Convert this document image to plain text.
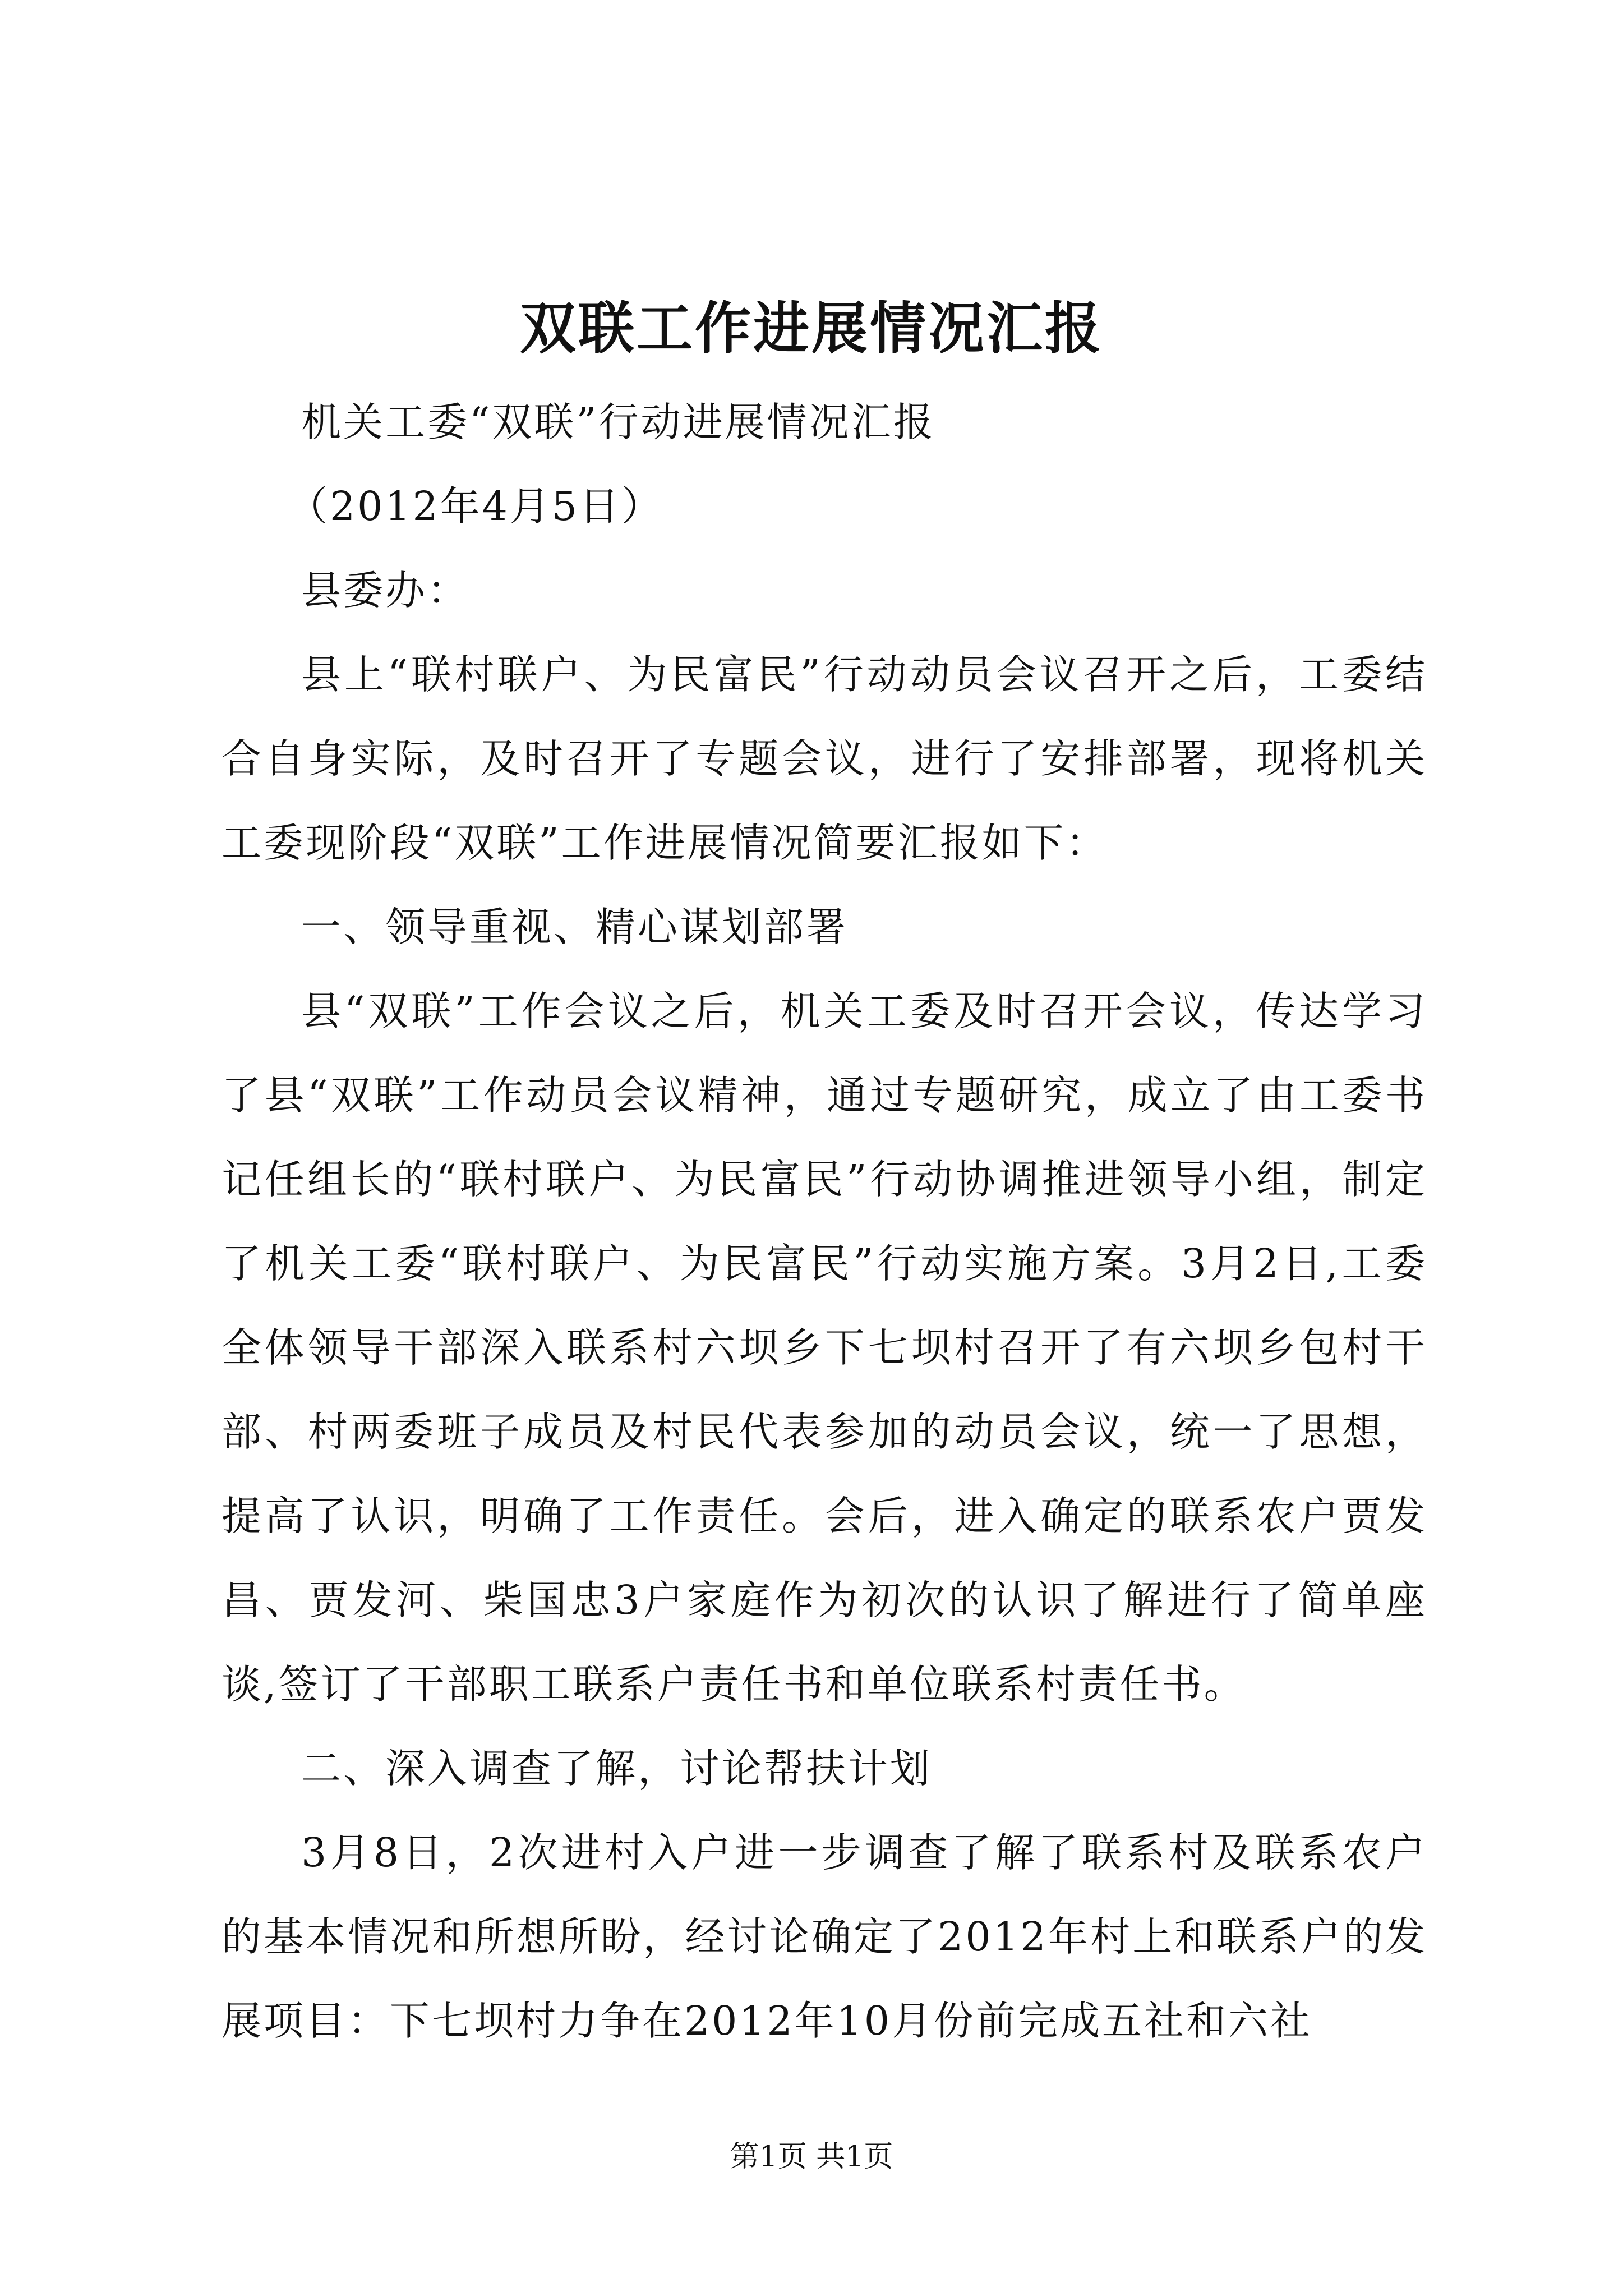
双联工作进展情况汇报

机关工委“双联”行动进展情况汇报

（2012年4月5日）

县委办：

县上“联村联户、为民富民”行动动员会议召开之后，工委结合自身实际，及时召开了专题会议，进行了安排部署，现将机关工委现阶段“双联”工作进展情况简要汇报如下：

一、领导重视、精心谋划部署

县“双联”工作会议之后，机关工委及时召开会议，传达学习了县“双联”工作动员会议精神，通过专题研究，成立了由工委书记任组长的“联村联户、为民富民”行动协调推进领导小组，制定了机关工委“联村联户、为民富民”行动实施方案。3月2日,工委全体领导干部深入联系村六坝乡下七坝村召开了有六坝乡包村干部、村两委班子成员及村民代表参加的动员会议，统一了思想，提高了认识，明确了工作责任。会后，进入确定的联系农户贾发昌、贾发河、柴国忠3户家庭作为初次的认识了解进行了简单座谈,签订了干部职工联系户责任书和单位联系村责任书。

二、深入调查了解，讨论帮扶计划

3月8日，2次进村入户进一步调查了解了联系村及联系农户的基本情况和所想所盼，经讨论确定了2012年村上和联系户的发展项目：下七坝村力争在2012年10月份前完成五社和六社

第1页 共1页
